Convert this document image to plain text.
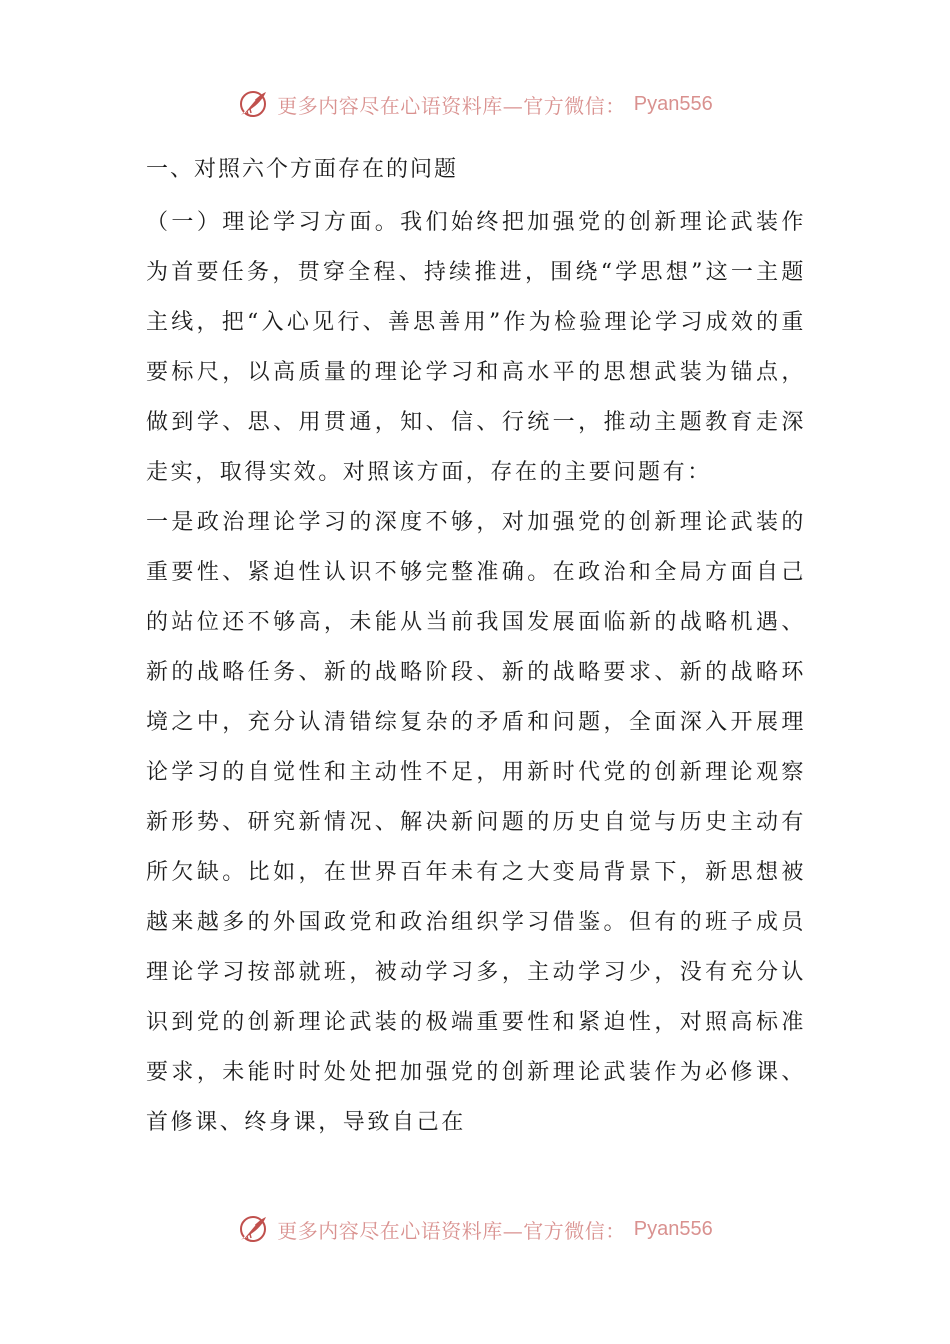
更多内容尽在心语资料库—官方微信： Pyan556
一、对照六个方面存在的问题

（一）理论学习方面。我们始终把加强党的创新理论武装作为首要任务，贯穿全程、持续推进，围绕“学思想”这一主题主线，把“入心见行、善思善用”作为检验理论学习成效的重要标尺，以高质量的理论学习和高水平的思想武装为锚点，做到学、思、用贯通，知、信、行统一，推动主题教育走深走实，取得实效。对照该方面，存在的主要问题有：

一是政治理论学习的深度不够，对加强党的创新理论武装的重要性、紧迫性认识不够完整准确。在政治和全局方面自己的站位还不够高，未能从当前我国发展面临新的战略机遇、新的战略任务、新的战略阶段、新的战略要求、新的战略环境之中，充分认清错综复杂的矛盾和问题，全面深入开展理论学习的自觉性和主动性不足，用新时代党的创新理论观察新形势、研究新情况、解决新问题的历史自觉与历史主动有所欠缺。比如，在世界百年未有之大变局背景下，新思想被越来越多的外国政党和政治组织学习借鉴。但有的班子成员理论学习按部就班，被动学习多，主动学习少，没有充分认识到党的创新理论武装的极端重要性和紧迫性，对照高标准要求，未能时时处处把加强党的创新理论武装作为必修课、首修课、终身课，导致自己在

更多内容尽在心语资料库—官方微信： Pyan556
